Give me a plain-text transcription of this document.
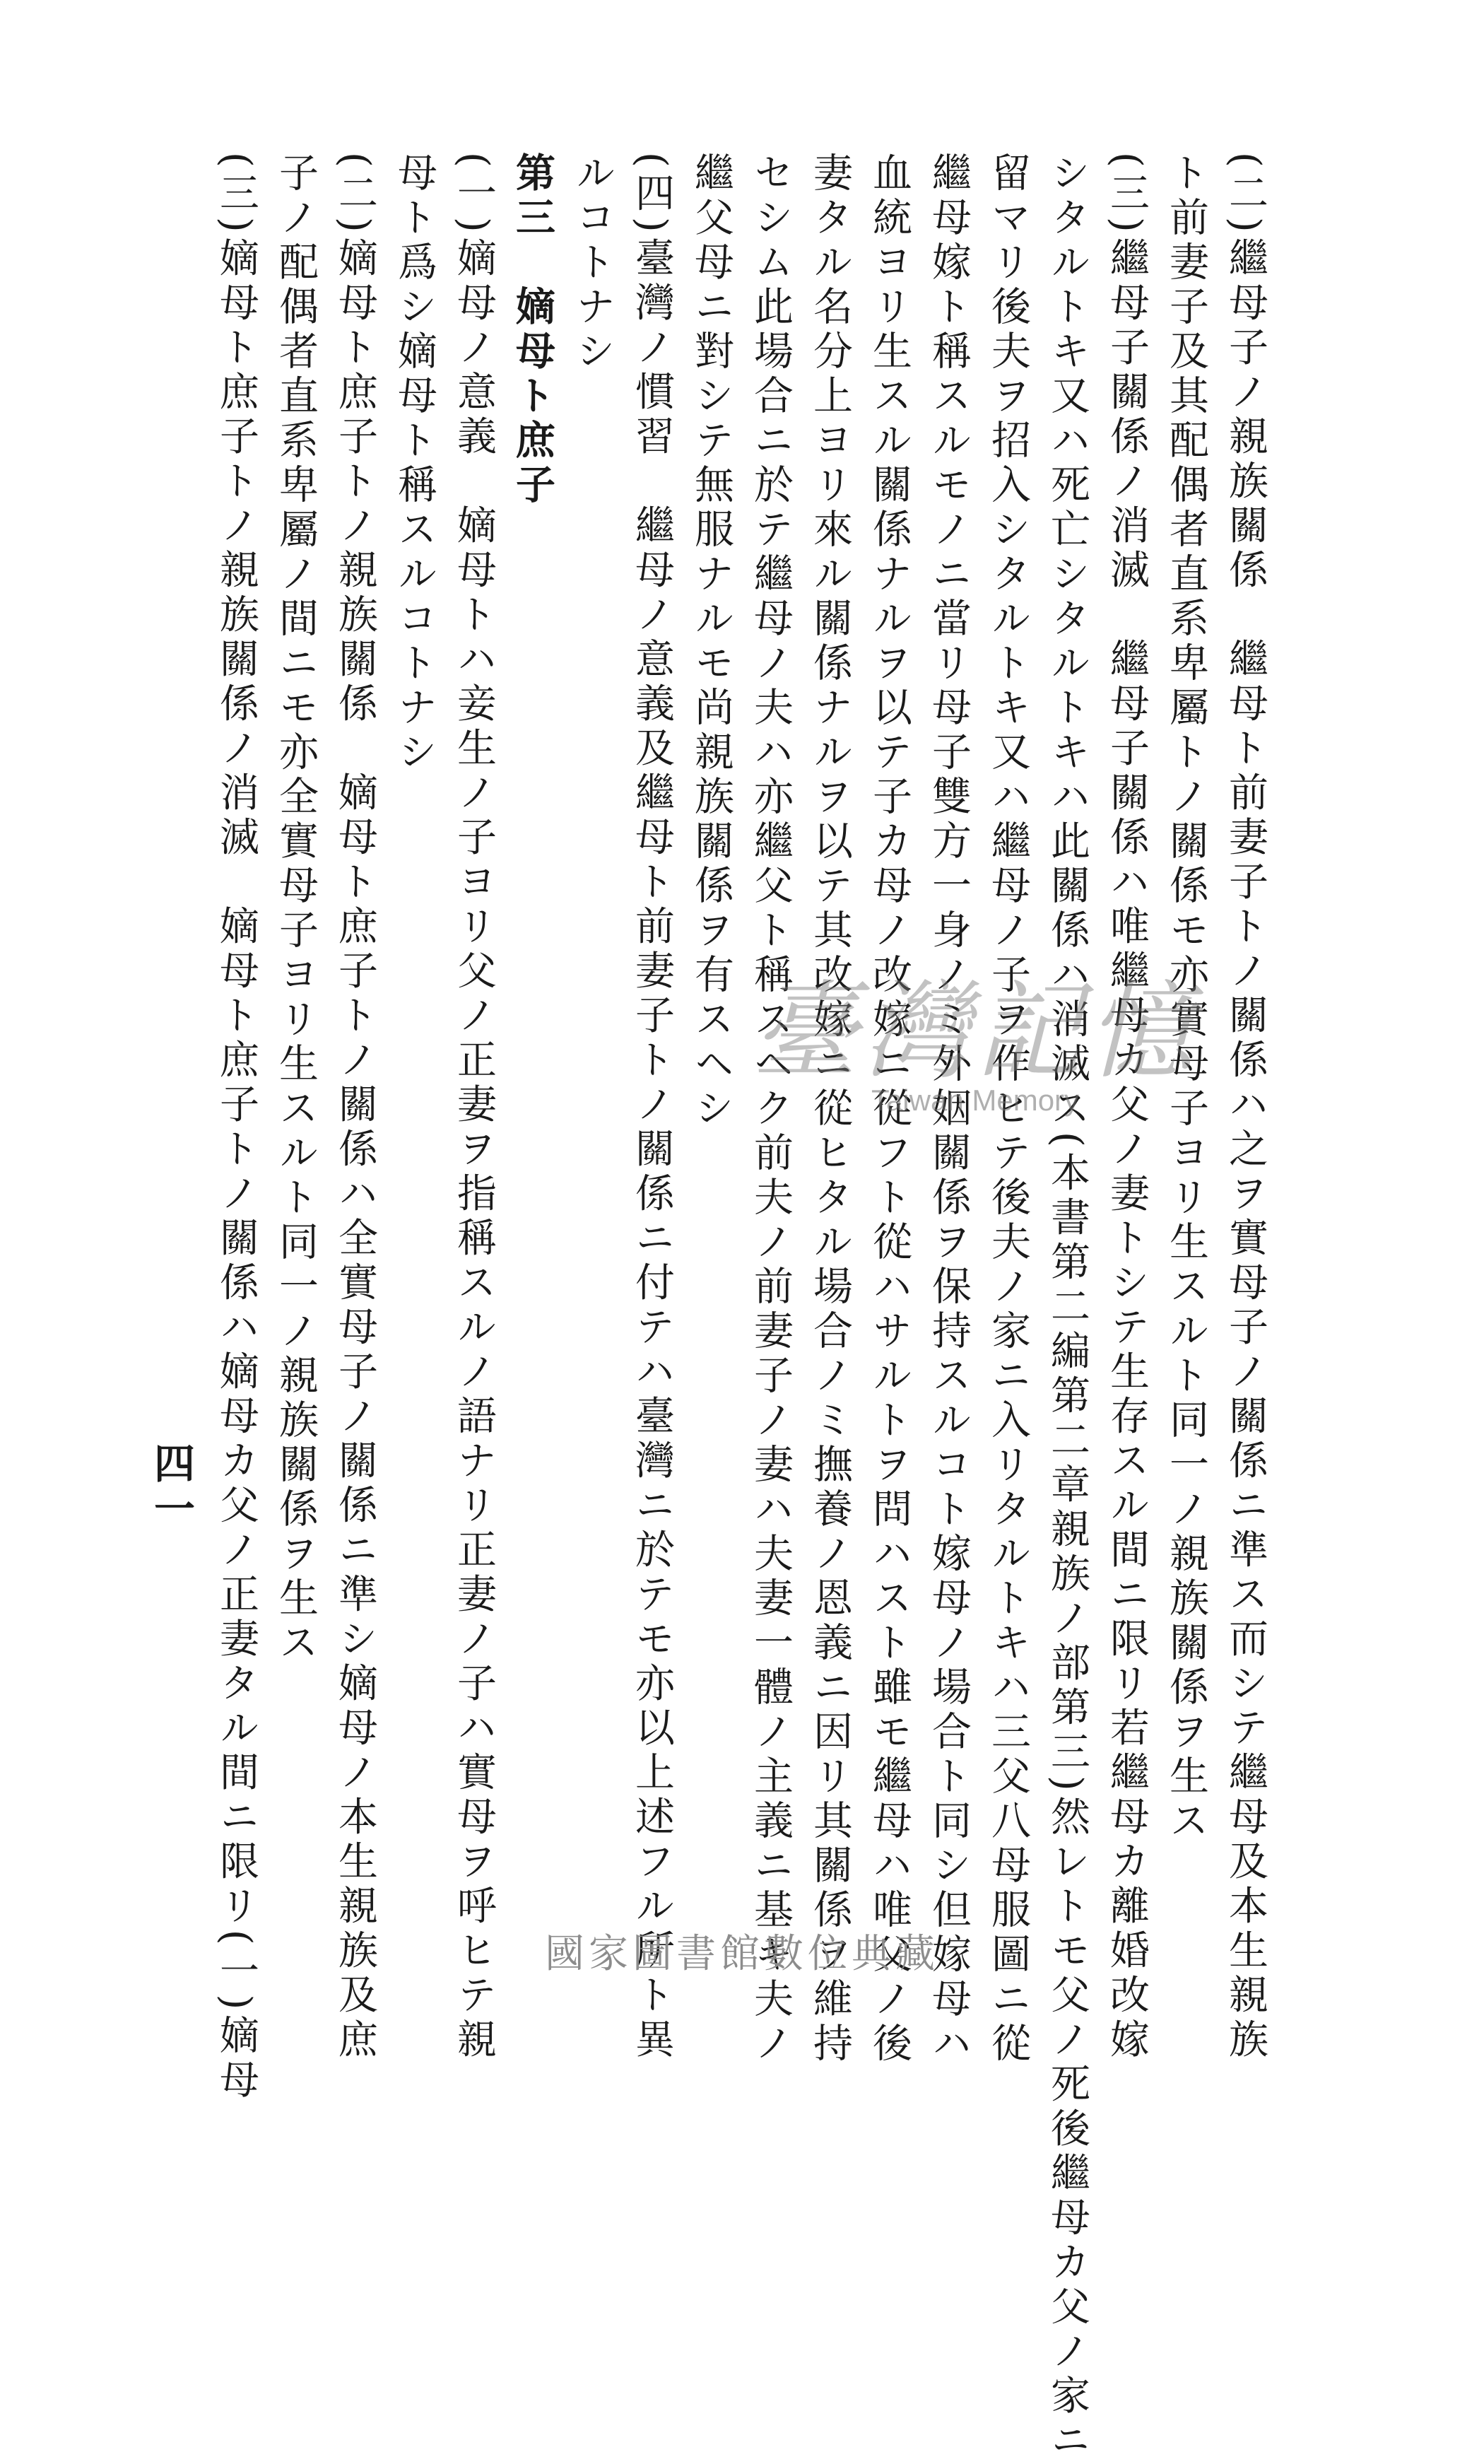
(二)繼母子ノ親族關係　繼母ト前妻子トノ關係ハ之ヲ實母子ノ關係ニ準ス而シテ繼母及本生親族
ト前妻子及其配偶者直系卑屬トノ關係モ亦實母子ヨリ生スルト同一ノ親族關係ヲ生ス
(三)繼母子關係ノ消滅　繼母子關係ハ唯繼母カ父ノ妻トシテ生存スル間ニ限リ若繼母カ離婚改嫁
シタルトキ又ハ死亡シタルトキハ此關係ハ消滅ス(本書第二編第二章親族ノ部第三)然レトモ父ノ死後繼母カ父ノ家ニ
留マリ後夫ヲ招入シタルトキ又ハ繼母ノ子ヲ作ヒテ後夫ノ家ニ入リタルトキハ三父八母服圖ニ從
繼母嫁ト稱スルモノニ當リ母子雙方一身ノミ外姻關係ヲ保持スルコト嫁母ノ場合ト同シ但嫁母ハ
血統ヨリ生スル關係ナルヲ以テ子カ母ノ改嫁ニ從フト從ハサルトヲ問ハスト雖モ繼母ハ唯父ノ後
妻タル名分上ヨリ來ル關係ナルヲ以テ其改嫁ニ從ヒタル場合ノミ撫養ノ恩義ニ因リ其關係ヲ維持
セシム此場合ニ於テ繼母ノ夫ハ亦繼父ト稱スヘク前夫ノ前妻子ノ妻ハ夫妻一體ノ主義ニ基キ夫ノ
繼父母ニ對シテ無服ナルモ尚親族關係ヲ有スヘシ
(四)臺灣ノ慣習　繼母ノ意義及繼母ト前妻子トノ關係ニ付テハ臺灣ニ於テモ亦以上述フル所ト異
ルコトナシ
第三　嫡母ト庶子
(一)嫡母ノ意義　嫡母トハ妾生ノ子ヨリ父ノ正妻ヲ指稱スルノ語ナリ正妻ノ子ハ實母ヲ呼ヒテ親
母ト爲シ嫡母ト稱スルコトナシ
(二)嫡母ト庶子トノ親族關係　嫡母ト庶子トノ關係ハ全實母子ノ關係ニ準シ嫡母ノ本生親族及庶
子ノ配偶者直系卑屬ノ間ニモ亦全實母子ヨリ生スルト同一ノ親族關係ヲ生ス
(三)嫡母ト庶子トノ親族關係ノ消滅　嫡母ト庶子トノ關係ハ嫡母カ父ノ正妻タル間ニ限リ(一)嫡母
四一
臺灣記憶
Taiwan Memory
國家圖書館數位典藏
